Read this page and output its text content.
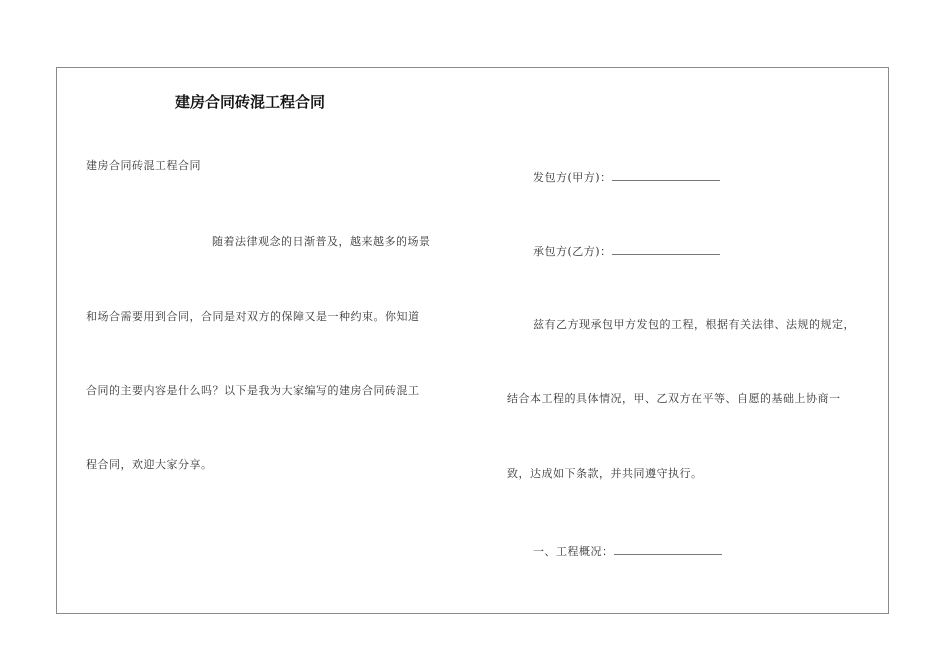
建房合同砖混工程合同
建房合同砖混工程合同
随着法律观念的日渐普及，越来越多的场景
和场合需要用到合同，合同是对双方的保障又是一种约束。你知道
合同的主要内容是什么吗？以下是我为大家编写的建房合同砖混工
程合同，欢迎大家分享。
发包方(甲方)：
承包方(乙方)：
兹有乙方现承包甲方发包的工程，根据有关法律、法规的规定，
结合本工程的具体情况，甲、乙双方在平等、自愿的基础上协商一
致，达成如下条款，并共同遵守执行。
一、工程概况：
